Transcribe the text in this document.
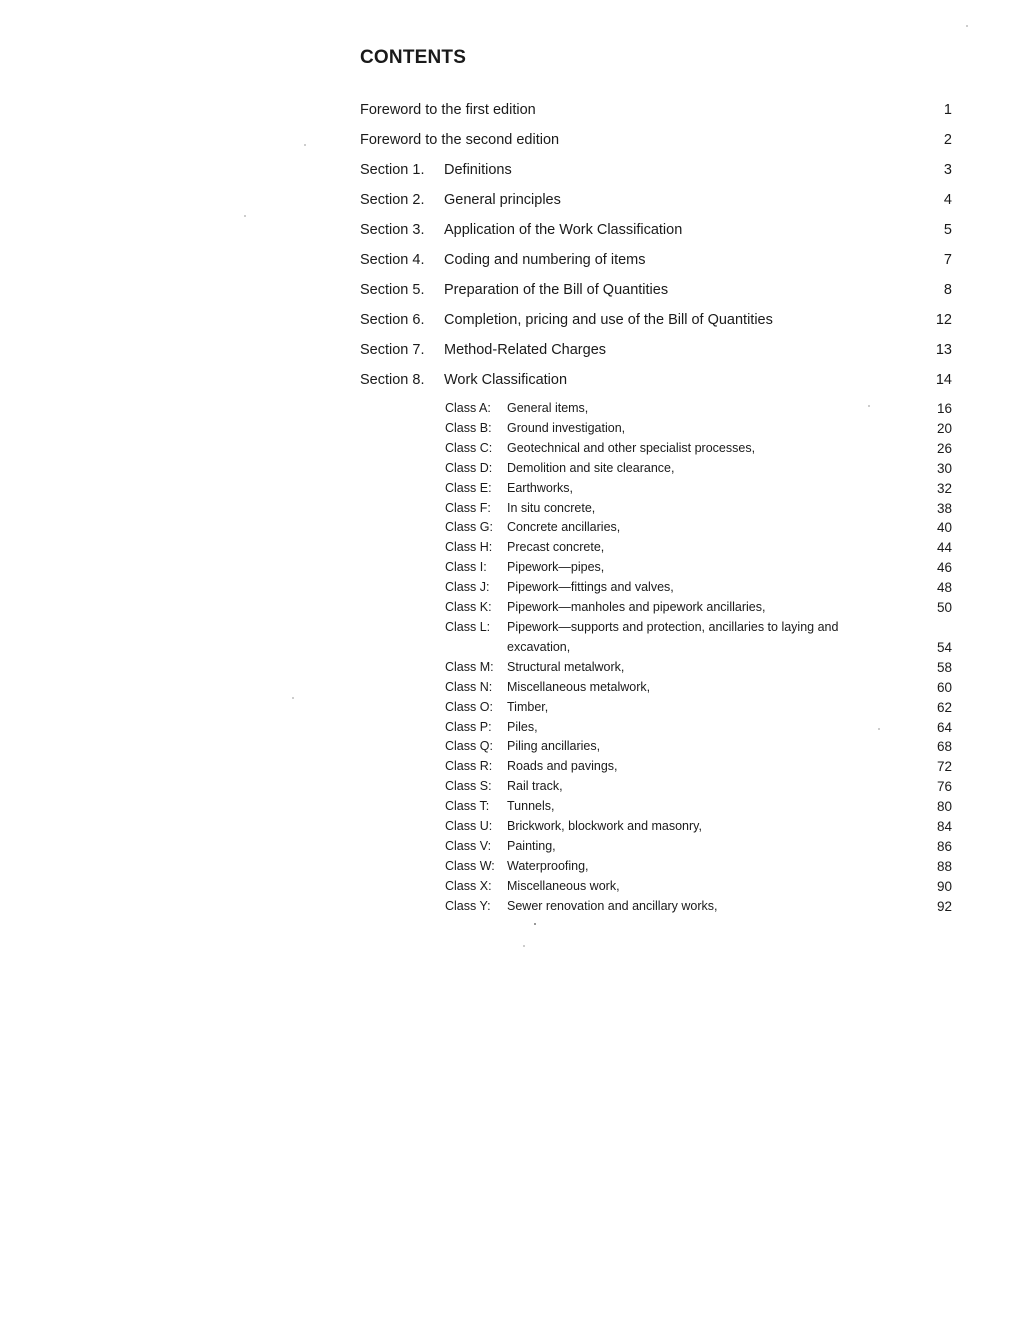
CONTENTS
Foreword to the first edition	1
Foreword to the second edition	2
Section 1. Definitions	3
Section 2. General principles	4
Section 3. Application of the Work Classification	5
Section 4. Coding and numbering of items	7
Section 5. Preparation of the Bill of Quantities	8
Section 6. Completion, pricing and use of the Bill of Quantities	12
Section 7. Method-Related Charges	13
Section 8. Work Classification	14
Class A: General items,	16
Class B: Ground investigation,	20
Class C: Geotechnical and other specialist processes,	26
Class D: Demolition and site clearance,	30
Class E: Earthworks,	32
Class F: In situ concrete,	38
Class G: Concrete ancillaries,	40
Class H: Precast concrete,	44
Class I: Pipework—pipes,	46
Class J: Pipework—fittings and valves,	48
Class K: Pipework—manholes and pipework ancillaries,	50
Class L: Pipework—supports and protection, ancillaries to laying and excavation,	54
Class M: Structural metalwork,	58
Class N: Miscellaneous metalwork,	60
Class O: Timber,	62
Class P: Piles,	64
Class Q: Piling ancillaries,	68
Class R: Roads and pavings,	72
Class S: Rail track,	76
Class T: Tunnels,	80
Class U: Brickwork, blockwork and masonry,	84
Class V: Painting,	86
Class W: Waterproofing,	88
Class X: Miscellaneous work,	90
Class Y: Sewer renovation and ancillary works,	92
